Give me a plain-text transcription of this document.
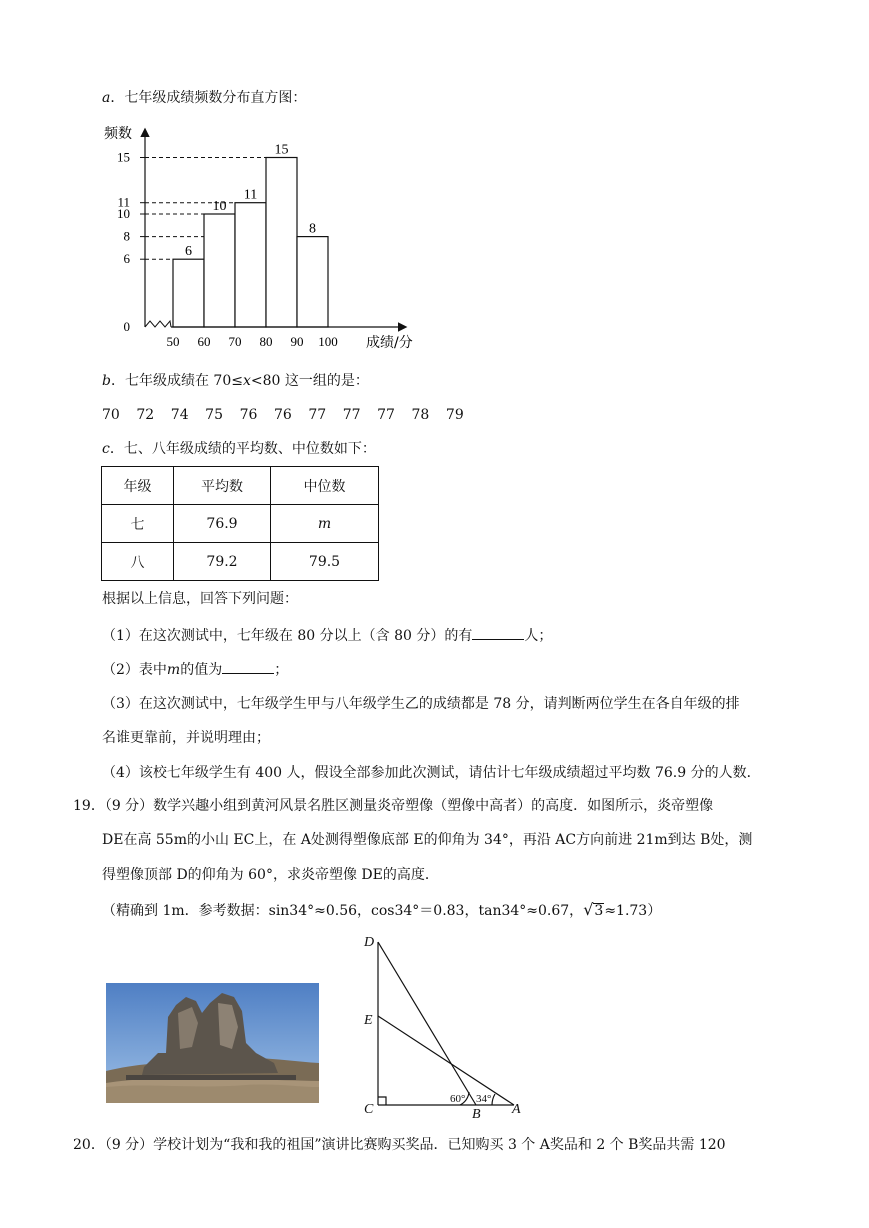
a．七年级成绩频数分布直方图：
6
10
11
15
8
0
6
8
10
11
15
50 60 70 80 90 100
频数
成绩/分
b．七年级成绩在 70≤x<80 这一组的是：
70 72 74 75 76 76 77 77 77 78 79
c．七、八年级成绩的平均数、中位数如下：
年级	平均数	中位数
七	76.9	m
八	79.2	79.5
根据以上信息，回答下列问题：
（1）在这次测试中，七年级在 80 分以上（含 80 分）的有	人；
（2）表中m的值为	；
（3）在这次测试中，七年级学生甲与八年级学生乙的成绩都是 78 分，请判断两位学生在各自年级的排
名谁更靠前，并说明理由；
（4）该校七年级学生有 400 人，假设全部参加此次测试，请估计七年级成绩超过平均数 76.9 分的人数．
19．（9 分）数学兴趣小组到黄河风景名胜区测量炎帝塑像（塑像中高者）的高度．如图所示，炎帝塑像
DE在高 55m的小山 EC上，在 A处测得塑像底部 E的仰角为 34°，再沿 AC方向前进 21m到达 B处，测
得塑像顶部 D的仰角为 60°，求炎帝塑像 DE的高度．
（精确到 1m．参考数据：sin34°≈0.56，cos34°＝0.83，tan34°≈0.67，√3≈1.73）
D
E
C	B A
60° 34°
20．（9 分）学校计划为“我和我的祖国”演讲比赛购买奖品．已知购买 3 个 A奖品和 2 个 B奖品共需 120
